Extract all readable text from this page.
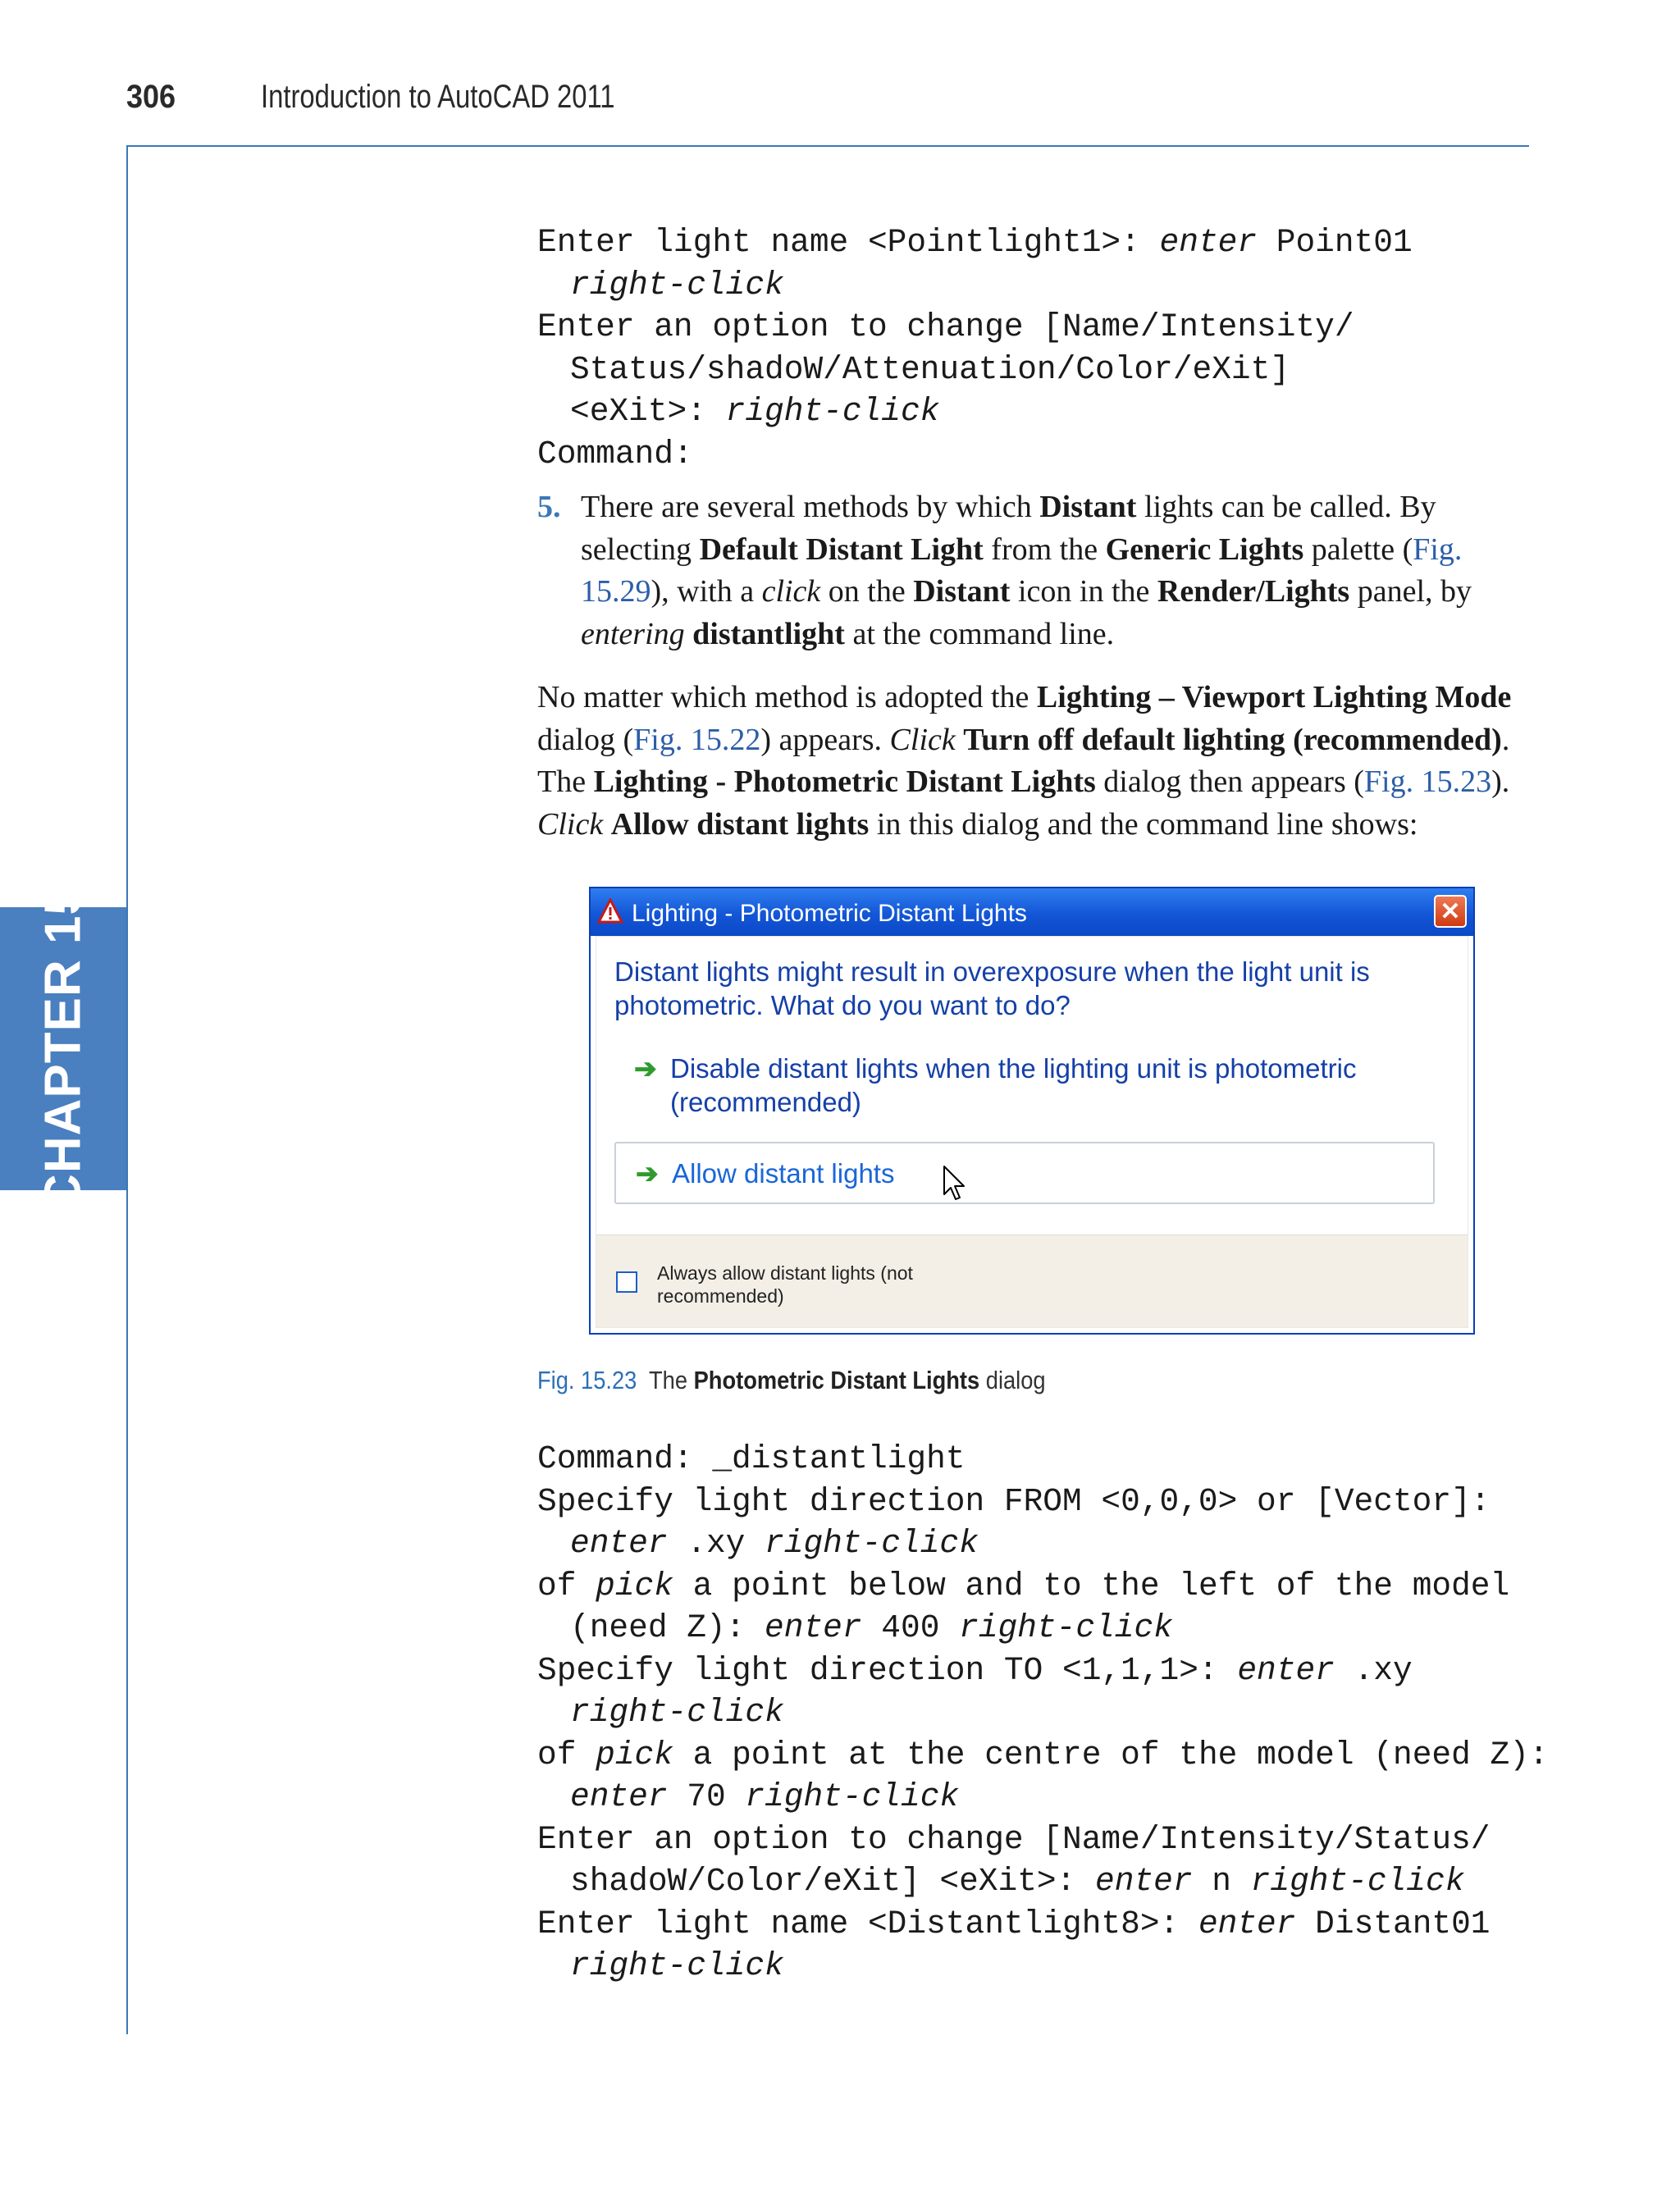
306	Introduction to AutoCAD 2011
CHAPTER 15
Enter light name <Pointlight1>: enter Point01
right-click
Enter an option to change [Name/Intensity/
Status/shadoW/Attenuation/Color/eXit]
<eXit>: right-click
Command:
5. There are several methods by which Distant lights can be called. By selecting Default Distant Light from the Generic Lights palette (Fig. 15.29), with a click on the Distant icon in the Render/Lights panel, by entering distantlight at the command line.
No matter which method is adopted the Lighting – Viewport Lighting Mode dialog (Fig. 15.22) appears. Click Turn off default lighting (recommended). The Lighting - Photometric Distant Lights dialog then appears (Fig. 15.23). Click Allow distant lights in this dialog and the command line shows:
Lighting - Photometric Distant Lights	✕
Distant lights might result in overexposure when the light unit is photometric. What do you want to do?
➔ Disable distant lights when the lighting unit is photometric (recommended)
➔ Allow distant lights
Always allow distant lights (not recommended)
Fig. 15.23  The Photometric Distant Lights dialog
Command: _distantlight
Specify light direction FROM <0,0,0> or [Vector]:
enter .xy right-click
of pick a point below and to the left of the model
(need Z): enter 400 right-click
Specify light direction TO <1,1,1>: enter .xy
right-click
of pick a point at the centre of the model (need Z):
enter 70 right-click
Enter an option to change [Name/Intensity/Status/
shadoW/Color/eXit] <eXit>: enter n right-click
Enter light name <Distantlight8>: enter Distant01
right-click
